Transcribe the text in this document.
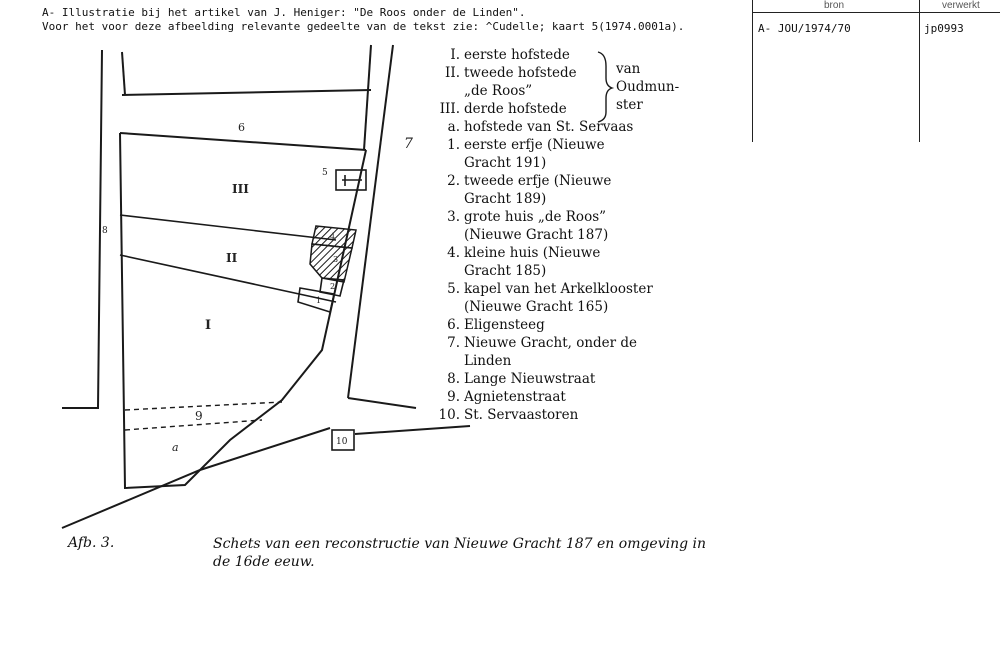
A- Illustratie bij het artikel van J. Heniger: "De Roos onder de Linden".
Voor het voor deze afbeelding relevante gedeelte van de tekst zie: ^Cudelle; kaart 5(1974.0001a).
bron	verwerkt
A- JOU/1974/70	jp0993
6
7
8
9
10
1
2
3
4
5
III
II
I
a
I. eerste hofstede
II. tweede hofstede
„de Roos”
III. derde hofstede
a. hofstede van St. Servaas
1. eerste erfje (Nieuwe
Gracht 191)
2. tweede erfje (Nieuwe
Gracht 189)
3. grote huis „de Roos”
(Nieuwe Gracht 187)
4. kleine huis (Nieuwe
Gracht 185)
5. kapel van het Arkelklooster
(Nieuwe Gracht 165)
6. Eligensteeg
7. Nieuwe Gracht, onder de
Linden
8. Lange Nieuwstraat
9. Agnietenstraat
10. St. Servaastoren
van
Oudmun-
ster
Afb. 3.	Schets van een reconstructie van Nieuwe Gracht 187 en omgeving in de 16de eeuw.
